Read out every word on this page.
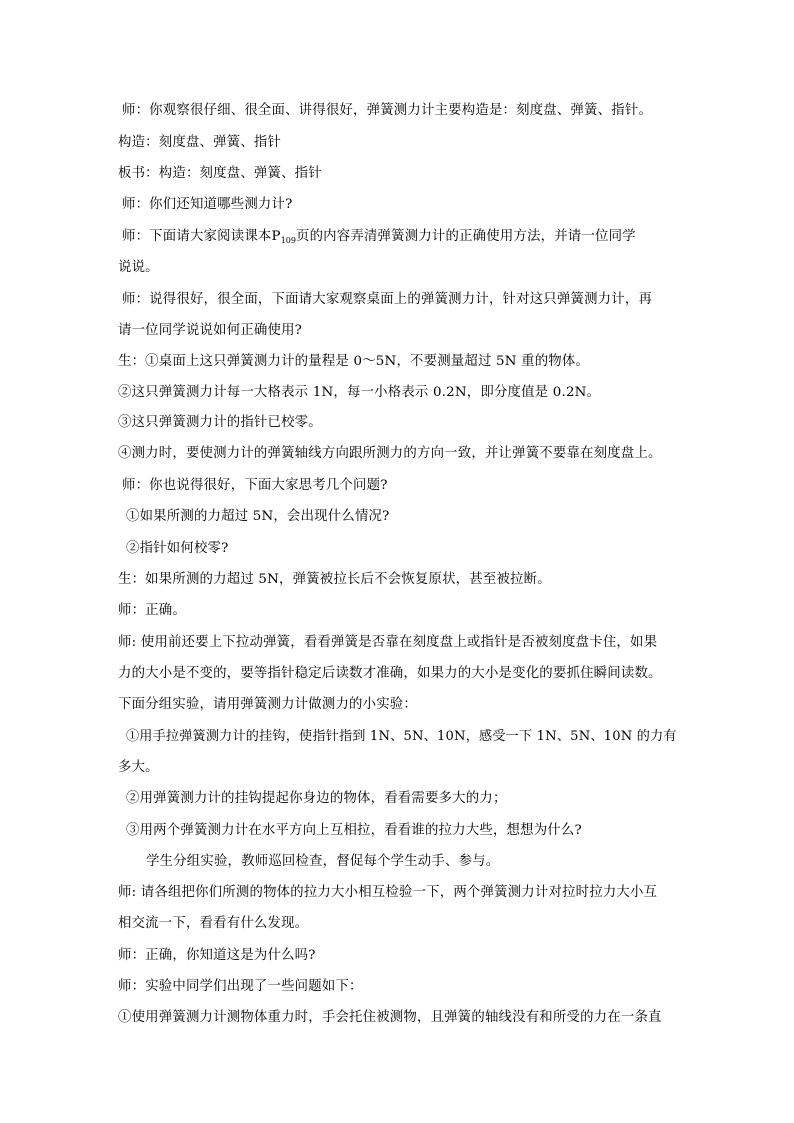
师：你观察很仔细、很全面、讲得很好，弹簧测力计主要构造是：刻度盘、弹簧、指针。
构造：刻度盘、弹簧、指针
板书：构造：刻度盘、弹簧、指针
师：你们还知道哪些测力计?
师：下面请大家阅读课本$P_{109}$页的内容弄清弹簧测力计的正确使用方法，并请一位同学
说说。
师：说得很好，很全面，下面请大家观察桌面上的弹簧测力计，针对这只弹簧测力计，再
请一位同学说说如何正确使用?
生：①桌面上这只弹簧测力计的量程是 0～5N，不要测量超过 5N 重的物体。
②这只弹簧测力计每一大格表示 1N，每一小格表示 0.2N，即分度值是 0.2N。
③这只弹簧测力计的指针已校零。
④测力时，要使测力计的弹簧轴线方向跟所测力的方向一致，并让弹簧不要靠在刻度盘上。
师：你也说得很好，下面大家思考几个问题?
①如果所测的力超过 5N，会出现什么情况?
②指针如何校零?
生：如果所测的力超过 5N，弹簧被拉长后不会恢复原状，甚至被拉断。
师：正确。
师: 使用前还要上下拉动弹簧，看看弹簧是否靠在刻度盘上或指针是否被刻度盘卡住，如果
力的大小是不变的，要等指针稳定后读数才准确，如果力的大小是变化的要抓住瞬间读数。
下面分组实验，请用弹簧测力计做测力的小实验：
①用手拉弹簧测力计的挂钩，使指针指到 1N、5N、10N，感受一下 1N、5N、10N 的力有
多大。
②用弹簧测力计的挂钩提起你身边的物体，看看需要多大的力；
③用两个弹簧测力计在水平方向上互相拉，看看谁的拉力大些，想想为什么?
学生分组实验，教师巡回检查，督促每个学生动手、参与。
师: 请各组把你们所测的物体的拉力大小相互检验一下，两个弹簧测力计对拉时拉力大小互
相交流一下，看看有什么发现。
师：正确，你知道这是为什么吗?
师：实验中同学们出现了一些问题如下：
①使用弹簧测力计测物体重力时，手会托住被测物，且弹簧的轴线没有和所受的力在一条直
